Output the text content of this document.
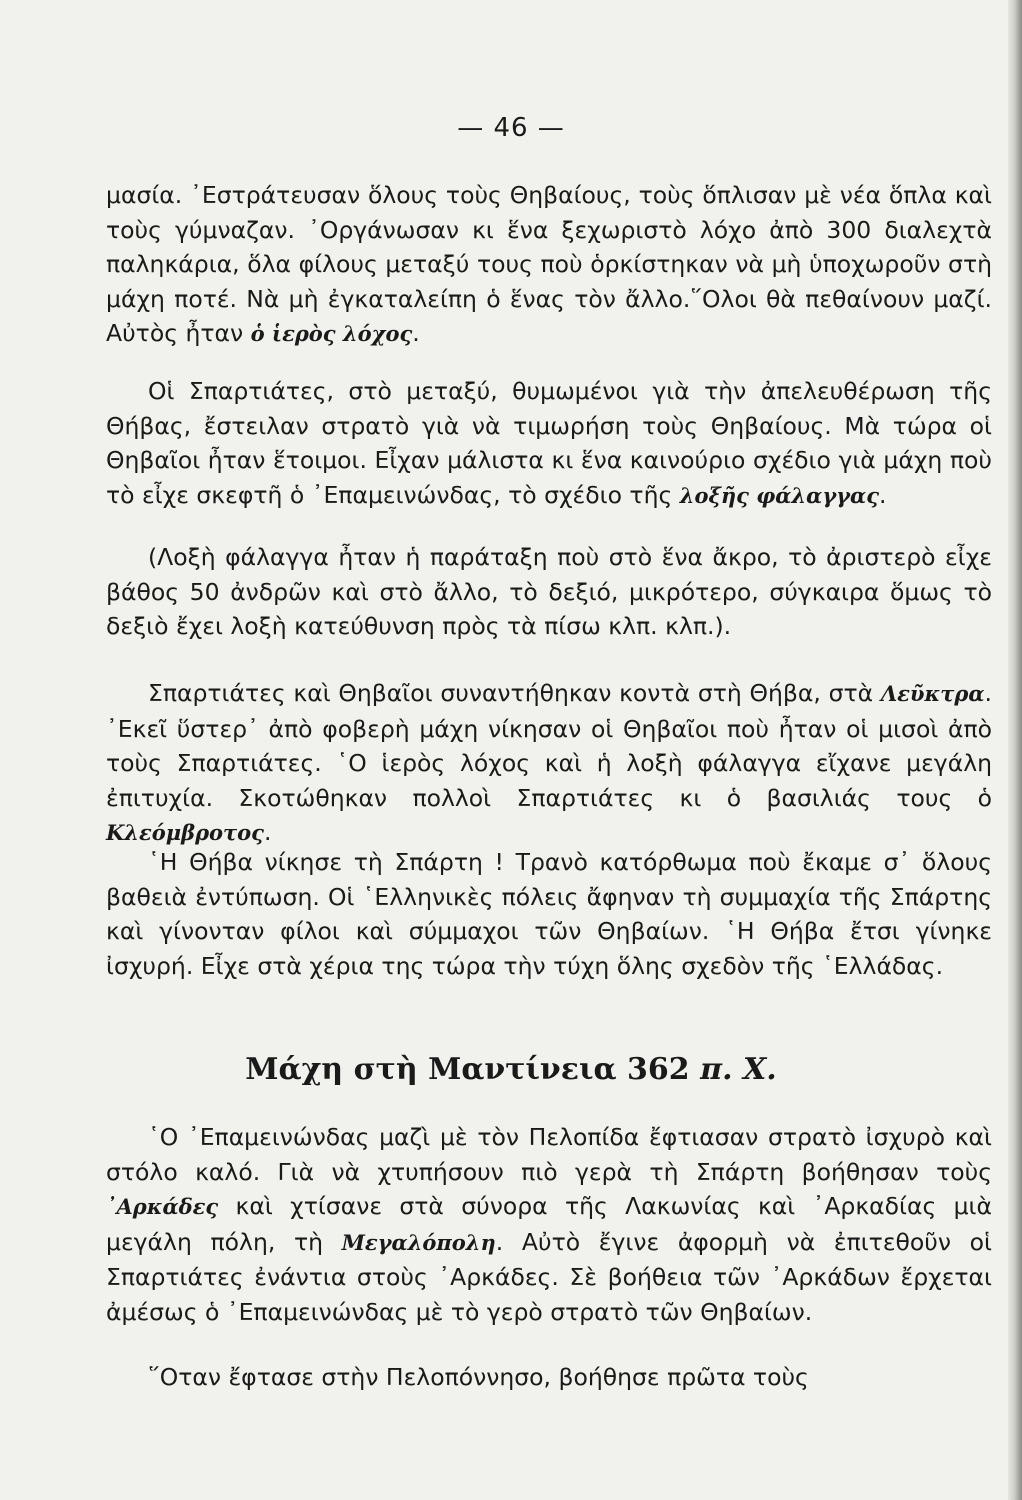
— 46 —

μασία. ᾿Εστράτευσαν ὅλους τοὺς Θηβαίους, τοὺς ὅπλισαν μὲ νέα ὅπλα καὶ τοὺς γύμναζαν. ᾿Οργάνωσαν κι ἕνα ξεχωριστὸ λόχο ἀπὸ 300 διαλεχτὰ παληκάρια, ὅλα φίλους μεταξύ τους ποὺ ὁρκίστηκαν νὰ μὴ ὑποχωροῦν στὴ μάχη ποτέ. Νὰ μὴ ἐγκαταλείπη ὁ ἕνας τὸν ἄλλο.῞Ολοι θὰ πεθαίνουν μαζί. Αὐτὸς ἦταν ὁ ἱερὸς λόχος.

Οἱ Σπαρτιάτες, στὸ μεταξύ, θυμωμένοι γιὰ τὴν ἀπελευθέρωση τῆς Θήβας, ἔστειλαν στρατὸ γιὰ νὰ τιμωρήση τοὺς Θηβαίους. Μὰ τώρα οἱ Θηβαῖοι ἦταν ἕτοιμοι. Εἶχαν μάλιστα κι ἕνα καινούριο σχέδιο γιὰ μάχη ποὺ τὸ εἶχε σκεφτῆ ὁ ᾿Επαμεινώνδας, τὸ σχέδιο τῆς λοξῆς φάλαγγας.

(Λοξὴ φάλαγγα ἦταν ἡ παράταξη ποὺ στὸ ἕνα ἄκρο, τὸ ἀριστερὸ εἶχε βάθος 50 ἀνδρῶν καὶ στὸ ἄλλο, τὸ δεξιό, μικρότερο, σύγκαιρα ὅμως τὸ δεξιὸ ἔχει λοξὴ κατεύθυνση πρὸς τὰ πίσω κλπ. κλπ.).

Σπαρτιάτες καὶ Θηβαῖοι συναντήθηκαν κοντὰ στὴ Θήβα, στὰ Λεῦκτρα. ᾿Εκεῖ ὕστερ᾿ ἀπὸ φοβερὴ μάχη νίκησαν οἱ Θηβαῖοι ποὺ ἦταν οἱ μισοὶ ἀπὸ τοὺς Σπαρτιάτες. ῾Ο ἱερὸς λόχος καὶ ἡ λοξὴ φάλαγγα εἴχανε μεγάλη ἐπιτυχία. Σκοτώθηκαν πολλοὶ Σπαρτιάτες κι ὁ βασιλιάς τους ὁ Κλεόμβροτος.

῾Η Θήβα νίκησε τὴ Σπάρτη ! Τρανὸ κατόρθωμα ποὺ ἔκαμε σ᾿ ὅλους βαθειὰ ἐντύπωση. Οἱ ῾Ελληνικὲς πόλεις ἄφηναν τὴ συμμαχία τῆς Σπάρτης καὶ γίνονταν φίλοι καὶ σύμμαχοι τῶν Θηβαίων. ῾Η Θήβα ἔτσι γίνηκε ἰσχυρή. Εἶχε στὰ χέρια της τώρα τὴν τύχη ὅλης σχεδὸν τῆς ῾Ελλάδας.

Μάχη στὴ Μαντίνεια 362 π. Χ.

῾Ο ᾿Επαμεινώνδας μαζὶ μὲ τὸν Πελοπίδα ἔφτιασαν στρατὸ ἰσχυρὸ καὶ στόλο καλό. Γιὰ νὰ χτυπήσουν πιὸ γερὰ τὴ Σπάρτη βοήθησαν τοὺς ᾿Αρκάδες καὶ χτίσανε στὰ σύνορα τῆς Λακωνίας καὶ ᾿Αρκαδίας μιὰ μεγάλη πόλη, τὴ Μεγαλόπολη. Αὐτὸ ἔγινε ἀφορμὴ νὰ ἐπιτεθοῦν οἱ Σπαρτιάτες ἐνάντια στοὺς ᾿Αρκάδες. Σὲ βοήθεια τῶν ᾿Αρκάδων ἔρχεται ἀμέσως ὁ ᾿Επαμεινώνδας μὲ τὸ γερὸ στρατὸ τῶν Θηβαίων.

῞Οταν ἔφτασε στὴν Πελοπόννησο, βοήθησε πρῶτα τοὺς
